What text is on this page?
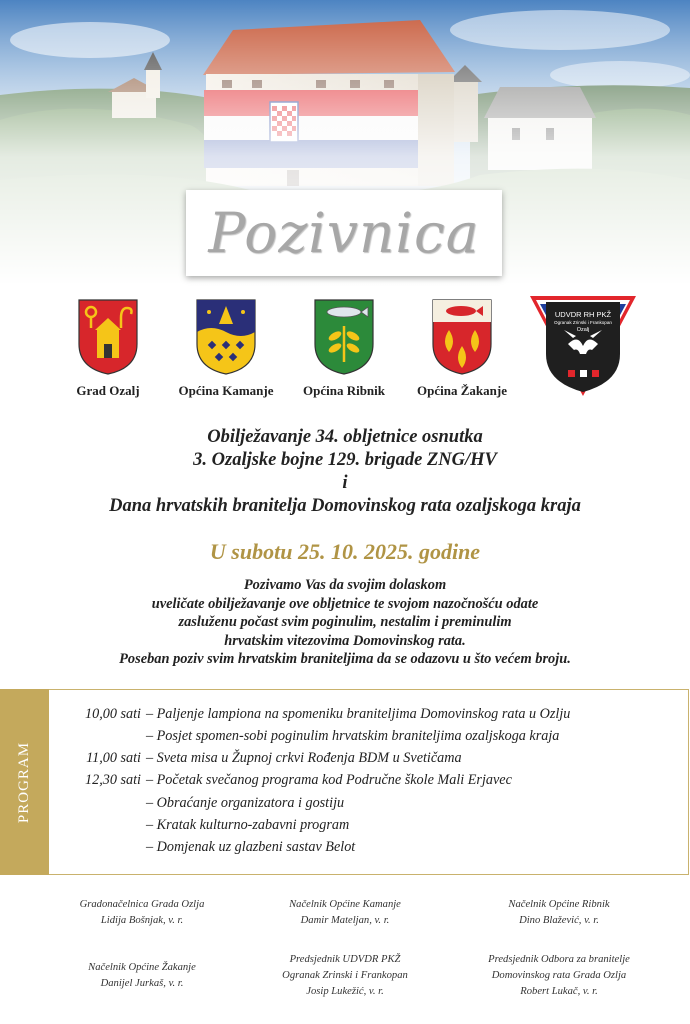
Pozivnica
Grad Ozalj	Općina Kamanje	Općina Ribnik	Općina Žakanje
UDVDR RH PKŽ
Ogranak Zrinski i Frankopan
Ozalj
Obilježavanje 34. obljetnice osnutka
3. Ozaljske bojne 129. brigade ZNG/HV
i
Dana hrvatskih branitelja Domovinskog rata ozaljskoga kraja
U subotu 25. 10. 2025. godine
Pozivamo Vas da svojim dolaskom
uveličate obilježavanje ove obljetnice te svojom nazočnošću odate
zasluženu počast svim poginulim, nestalim i preminulim
hrvatskim vitezovima Domovinskog rata.
Poseban poziv svim hrvatskim braniteljima da se odazovu u što većem broju.
PROGRAM
10,00 sati – Paljenje lampiona na spomeniku braniteljima Domovinskog rata u Ozlju
– Posjet spomen-sobi poginulim hrvatskim braniteljima ozaljskoga kraja
11,00 sati – Sveta misa u Župnoj crkvi Rođenja BDM u Svetičama
12,30 sati – Početak svečanog programa kod Područne škole Mali Erjavec
– Obraćanje organizatora i gostiju
– Kratak kulturno-zabavni program
– Domjenak uz glazbeni sastav Belot
Gradonačelnica Grada Ozlja
Lidija Bošnjak, v. r.
Načelnik Općine Kamanje
Damir Mateljan, v. r.
Načelnik Općine Ribnik
Dino Blažević, v. r.
Načelnik Općine Žakanje
Danijel Jurkaš, v. r.
Predsjednik UDVDR PKŽ
Ogranak Zrinski i Frankopan
Josip Lukežić, v. r.
Predsjednik Odbora za branitelje
Domovinskog rata Grada Ozlja
Robert Lukač, v. r.
